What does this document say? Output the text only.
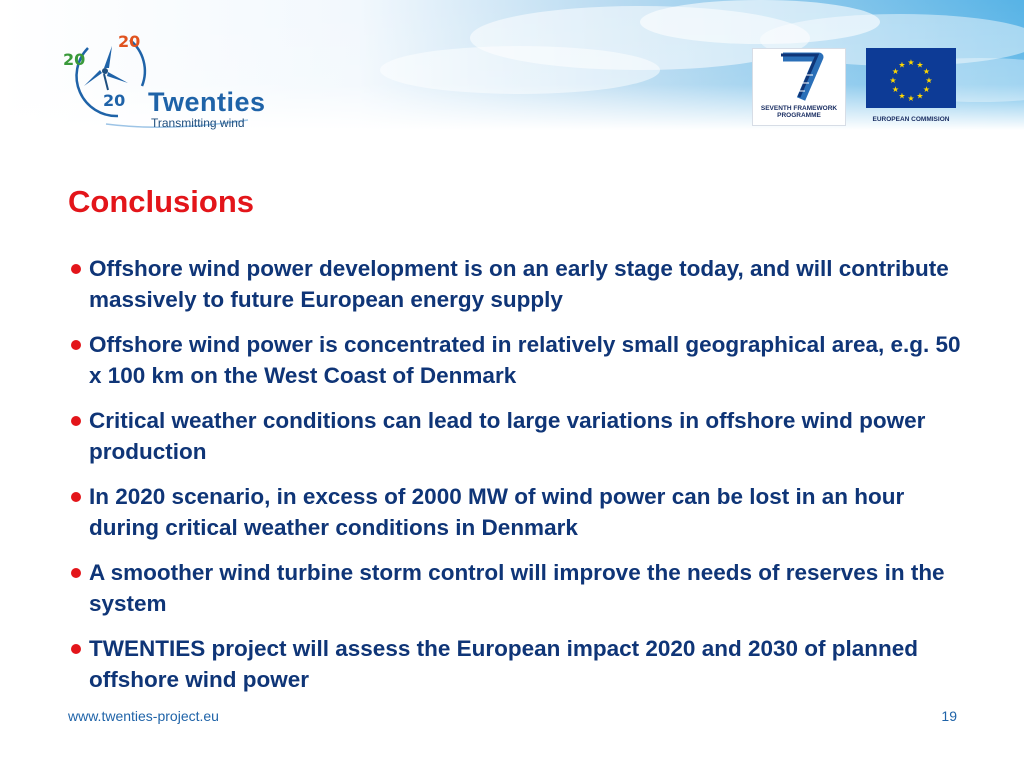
20
20
20 Twenties
Transmitting wind
SEVENTH FRAMEWORK
PROGRAMME
★ ★
★
★
★
★
★
★
★
★
★
★
EUROPEAN COMMISION
Conclusions
Offshore wind power development is on an early stage today, and will contribute massively to future European energy supply
Offshore wind power is concentrated in relatively small geographical area, e.g. 50 x 100 km on the West Coast of Denmark
Critical weather conditions can lead to large variations in offshore wind power production
In 2020 scenario, in excess of 2000 MW of wind power can be lost in an hour during critical weather conditions in Denmark
A smoother wind turbine storm control will improve the needs of reserves in the system
TWENTIES project will assess the European impact 2020 and 2030 of planned offshore wind power
www.twenties-project.eu	19
